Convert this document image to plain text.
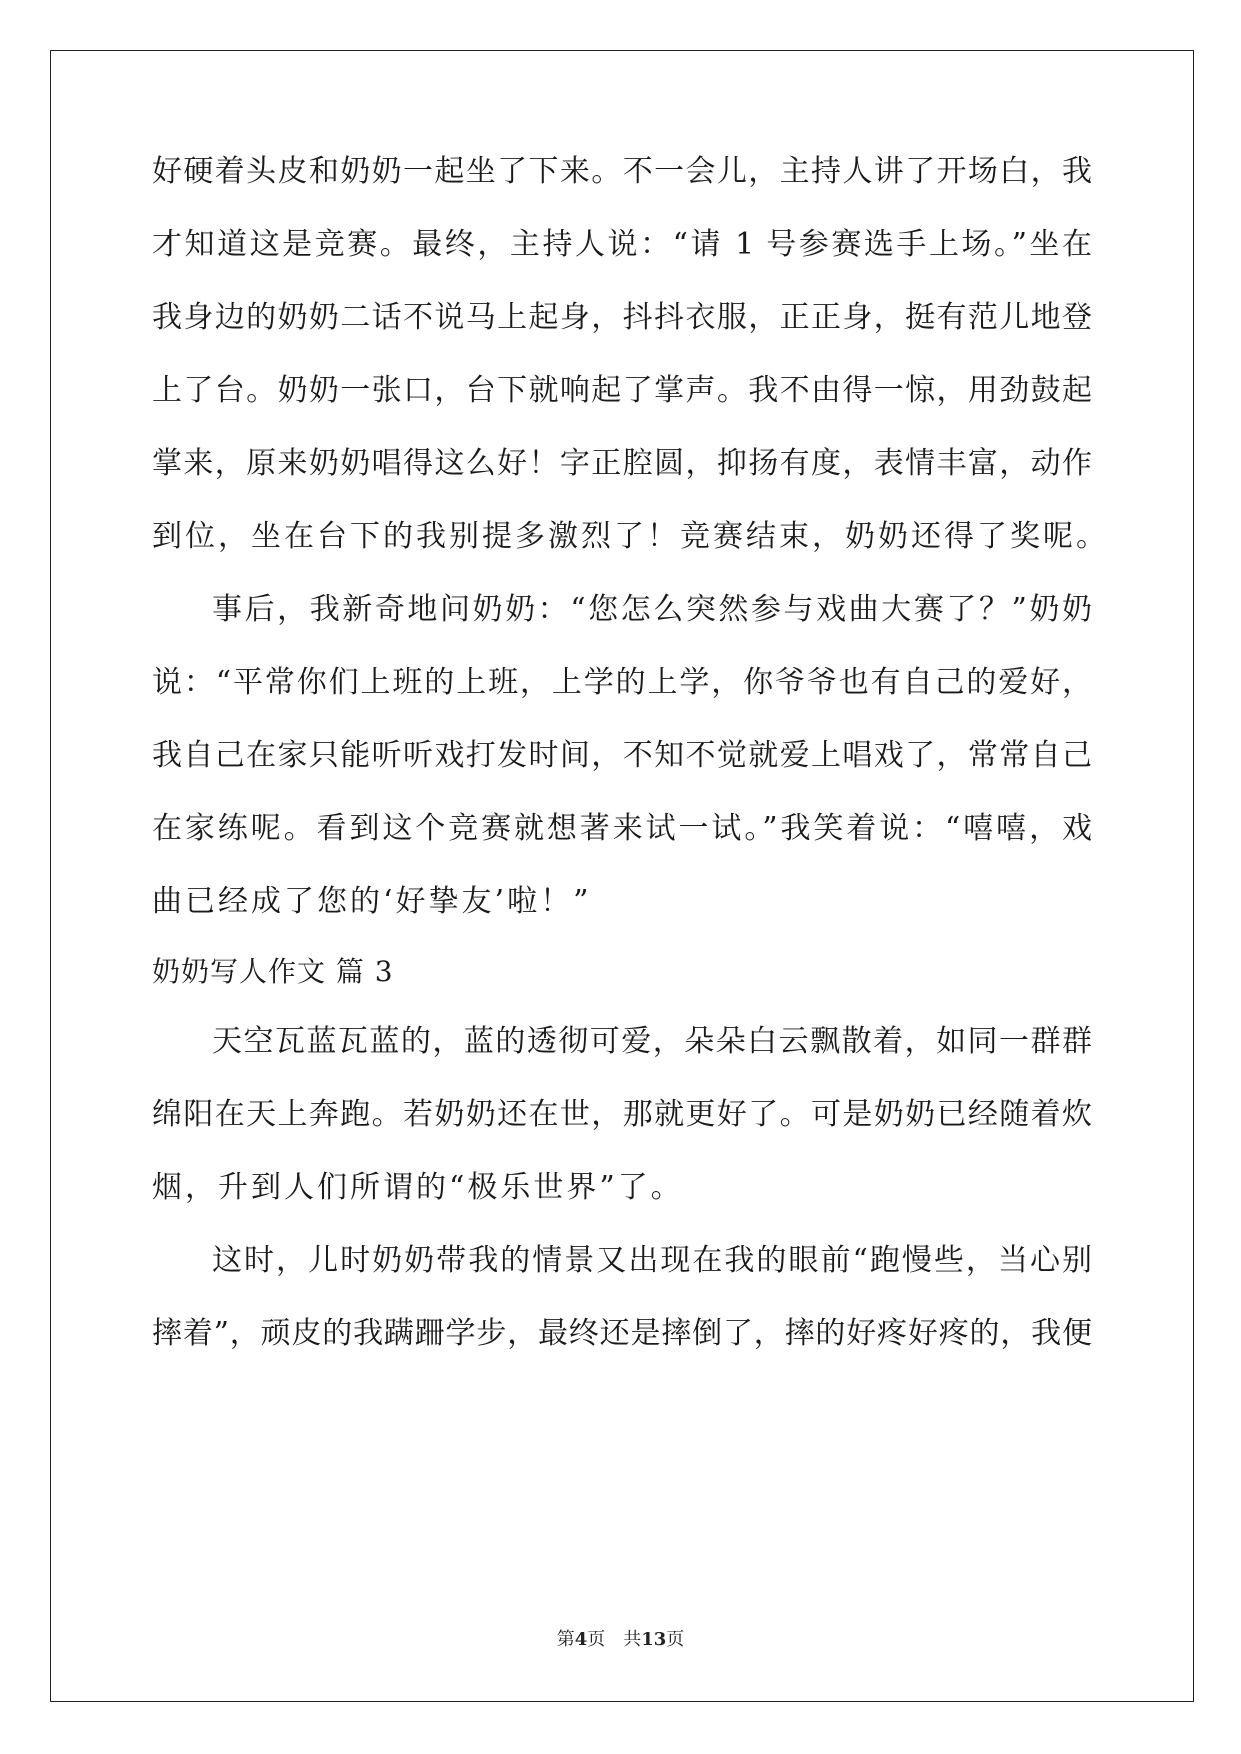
好硬着头皮和奶奶一起坐了下来。不一会儿，主持人讲了开场白，我
才知道这是竞赛。最终，主持人说：“请 1 号参赛选手上场。”坐在
我身边的奶奶二话不说马上起身，抖抖衣服，正正身，挺有范儿地登
上了台。奶奶一张口，台下就响起了掌声。我不由得一惊，用劲鼓起
掌来，原来奶奶唱得这么好！字正腔圆，抑扬有度，表情丰富，动作
到位，坐在台下的我别提多激烈了！竞赛结束，奶奶还得了奖呢。
事后，我新奇地问奶奶：“您怎么突然参与戏曲大赛了？”奶奶
说：“平常你们上班的上班，上学的上学，你爷爷也有自己的爱好，
我自己在家只能听听戏打发时间，不知不觉就爱上唱戏了，常常自己
在家练呢。看到这个竞赛就想著来试一试。”我笑着说：“嘻嘻，戏
曲已经成了您的‘好挚友’啦！”
奶奶写人作文 篇 3
天空瓦蓝瓦蓝的，蓝的透彻可爱，朵朵白云飘散着，如同一群群
绵阳在天上奔跑。若奶奶还在世，那就更好了。可是奶奶已经随着炊
烟，升到人们所谓的“极乐世界”了。
这时，儿时奶奶带我的情景又出现在我的眼前“跑慢些，当心别
摔着”，顽皮的我蹒跚学步，最终还是摔倒了，摔的好疼好疼的，我便
第4页 共13页
